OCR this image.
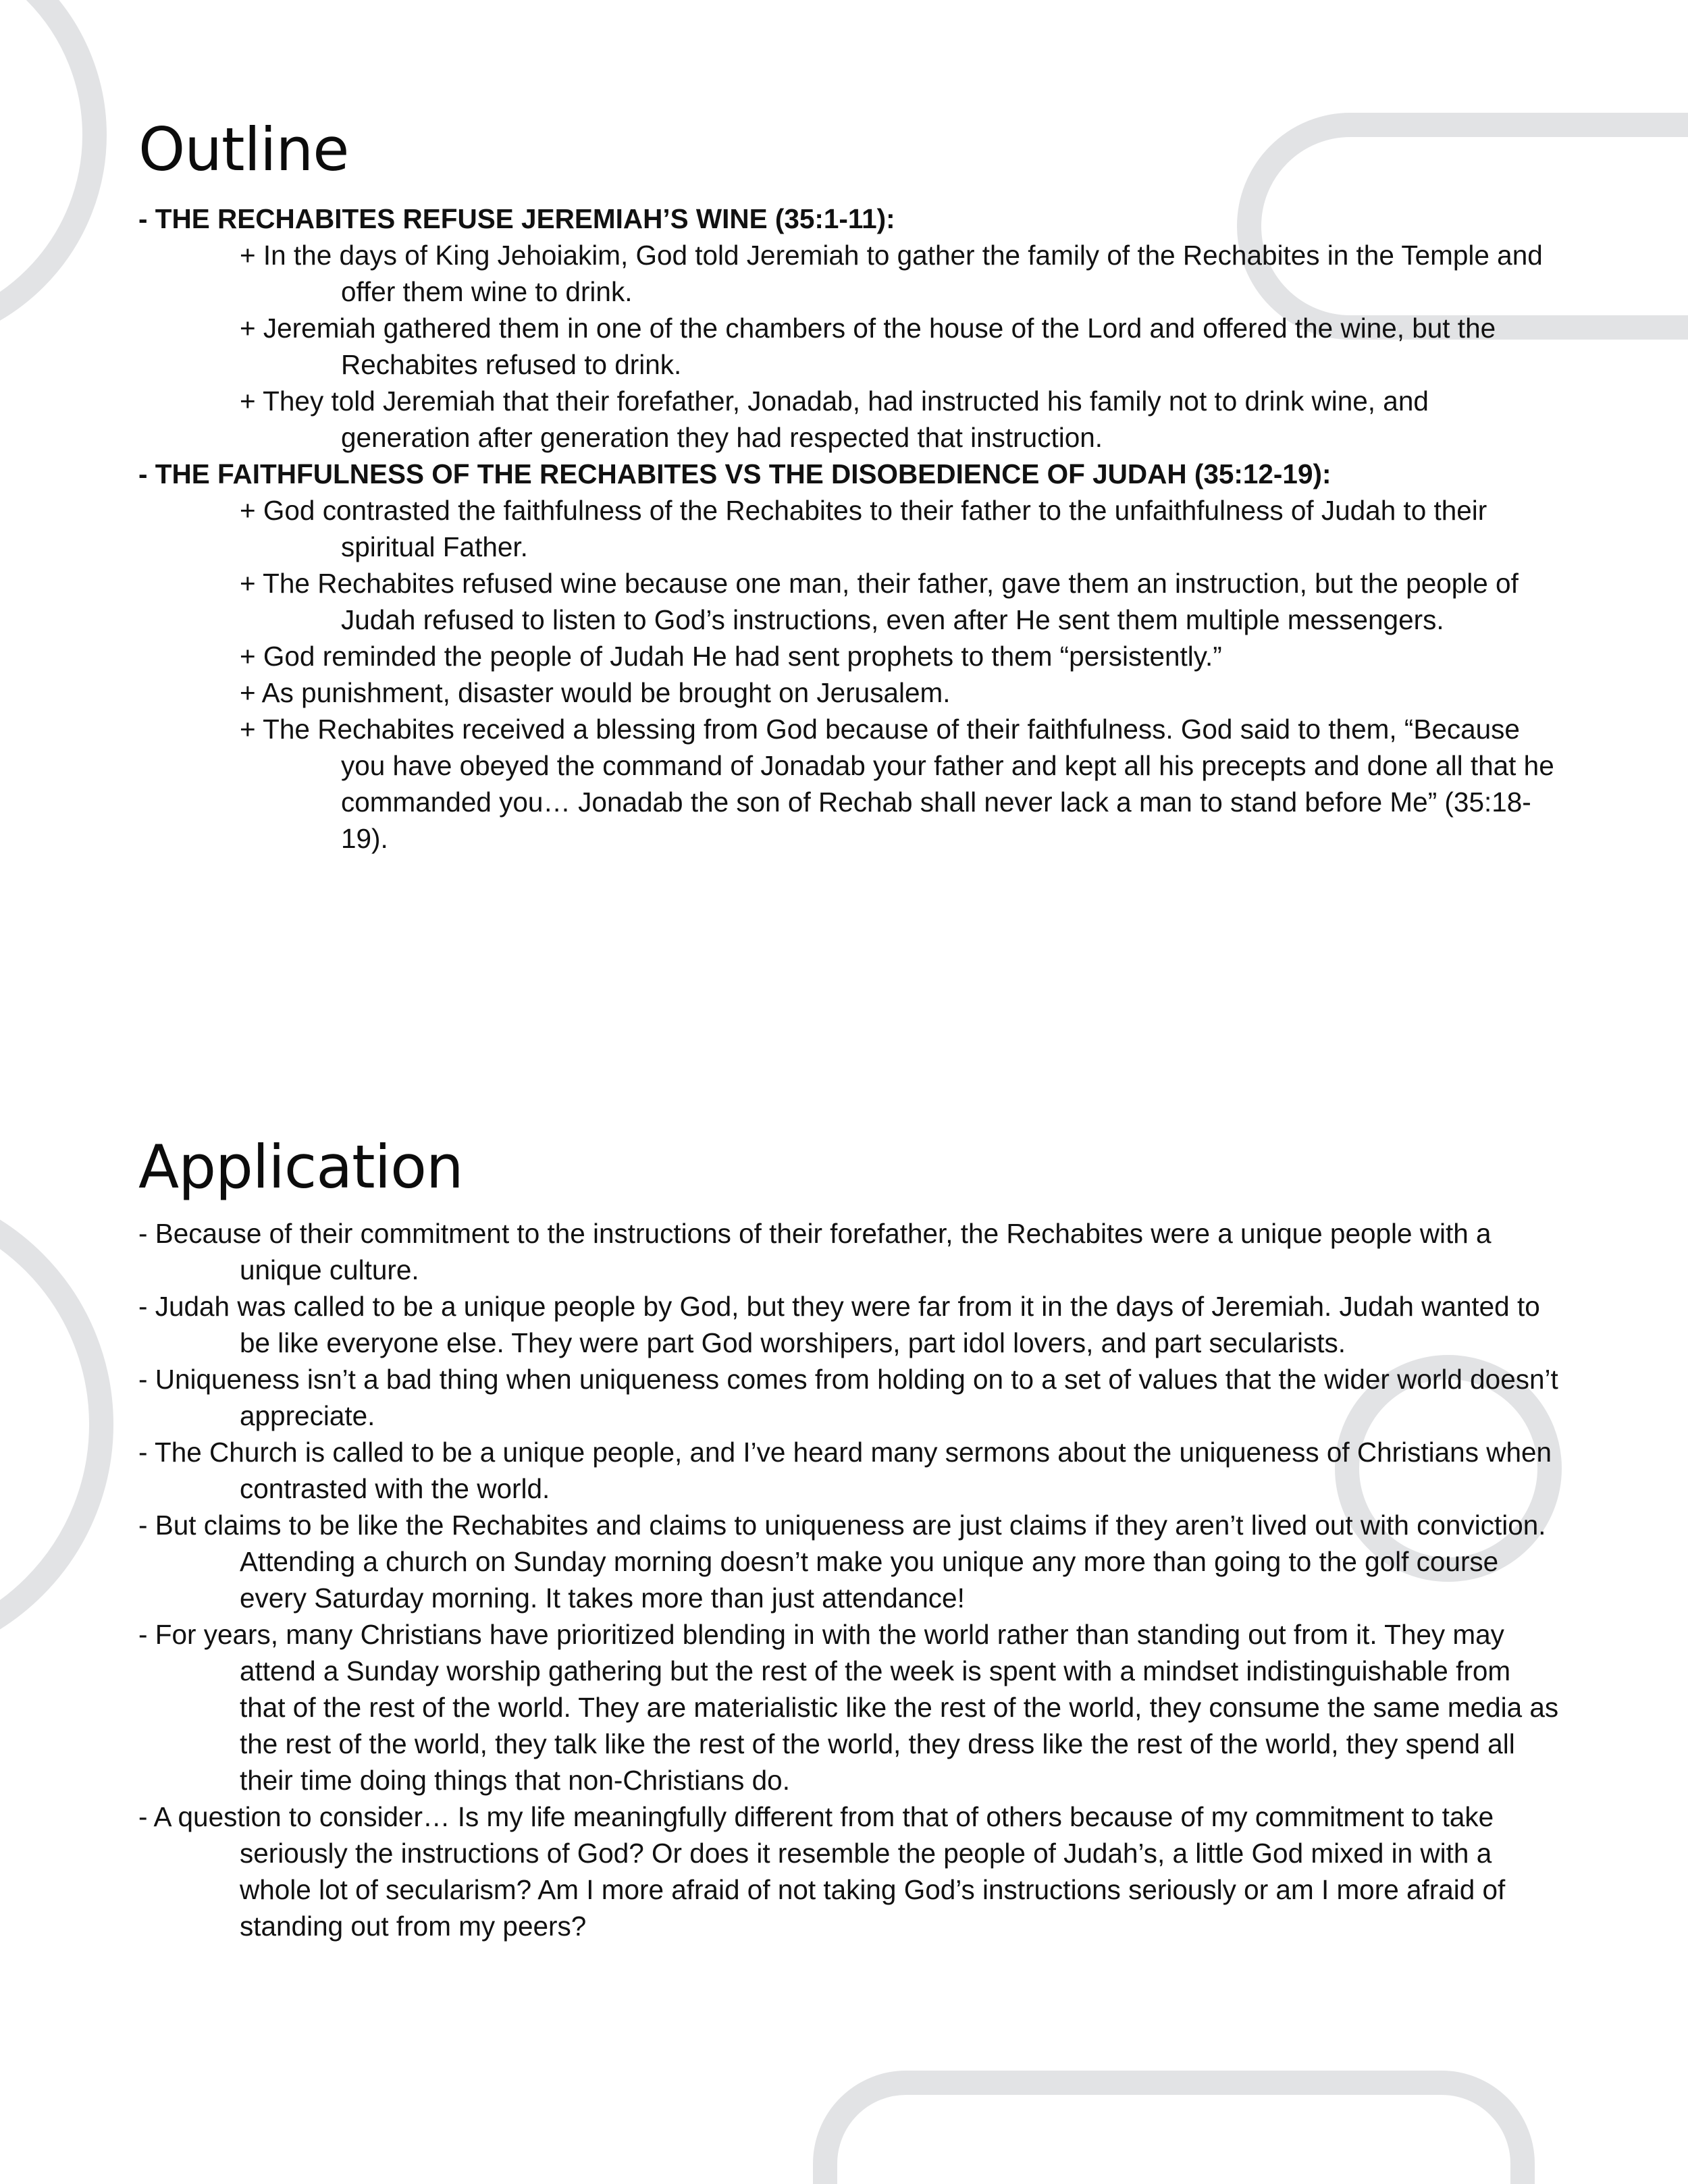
Outline
- THE RECHABITES REFUSE JEREMIAH’S WINE (35:1-11):
+ In the days of King Jehoiakim, God told Jeremiah to gather the family of the Rechabites in the Temple and offer them wine to drink.
+ Jeremiah gathered them in one of the chambers of the house of the Lord and offered the wine, but the Rechabites refused to drink.
+ They told Jeremiah that their forefather, Jonadab, had instructed his family not to drink wine, and generation after generation they had respected that instruction.
- THE FAITHFULNESS OF THE RECHABITES VS THE DISOBEDIENCE OF JUDAH (35:12-19):
+ God contrasted the faithfulness of the Rechabites to their father to the unfaithfulness of Judah to their spiritual Father.
+ The Rechabites refused wine because one man, their father, gave them an instruction, but the people of Judah refused to listen to God’s instructions, even after He sent them multiple messengers.
+ God reminded the people of Judah He had sent prophets to them “persistently.”
+ As punishment, disaster would be brought on Jerusalem.
+ The Rechabites received a blessing from God because of their faithfulness. God said to them, “Because you have obeyed the command of Jonadab your father and kept all his precepts and done all that he commanded you… Jonadab the son of Rechab shall never lack a man to stand before Me” (35:18-19).
Application
- Because of their commitment to the instructions of their forefather, the Rechabites were a unique people with a unique culture.
- Judah was called to be a unique people by God, but they were far from it in the days of Jeremiah. Judah wanted to be like everyone else. They were part God worshipers, part idol lovers, and part secularists.
- Uniqueness isn’t a bad thing when uniqueness comes from holding on to a set of values that the wider world doesn’t appreciate.
- The Church is called to be a unique people, and I’ve heard many sermons about the uniqueness of Christians when contrasted with the world.
- But claims to be like the Rechabites and claims to uniqueness are just claims if they aren’t lived out with conviction. Attending a church on Sunday morning doesn’t make you unique any more than going to the golf course every Saturday morning. It takes more than just attendance!
- For years, many Christians have prioritized blending in with the world rather than standing out from it. They may attend a Sunday worship gathering but the rest of the week is spent with a mindset indistinguishable from that of the rest of the world. They are materialistic like the rest of the world, they consume the same media as the rest of the world, they talk like the rest of the world, they dress like the rest of the world, they spend all their time doing things that non-Christians do.
- A question to consider… Is my life meaningfully different from that of others because of my commitment to take seriously the instructions of God? Or does it resemble the people of Judah’s, a little God mixed in with a whole lot of secularism? Am I more afraid of not taking God’s instructions seriously or am I more afraid of standing out from my peers?
